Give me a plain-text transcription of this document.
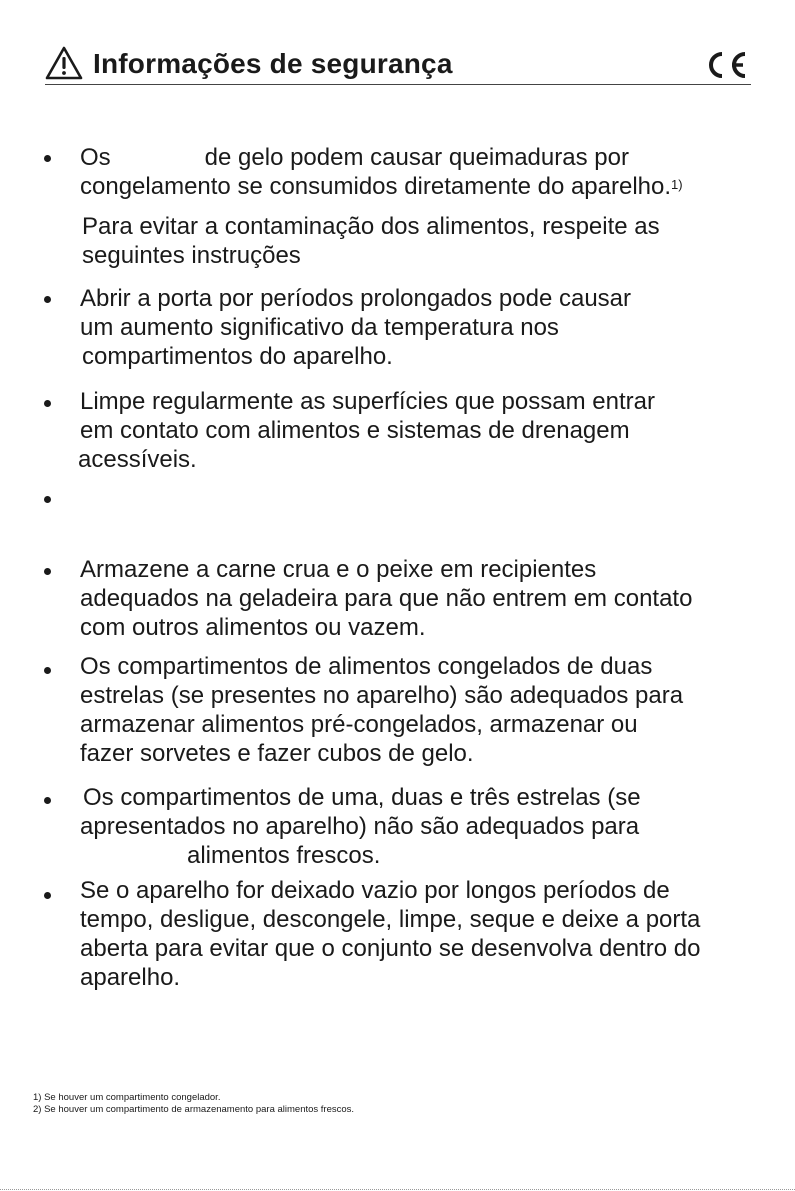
Informações de segurança
Os	de gelo podem causar queimaduras por
congelamento se consumidos diretamente do aparelho.$^{1)}$
Para evitar a contaminação dos alimentos, respeite as
seguintes instruções
Abrir a porta por períodos prolongados pode causar
um aumento significativo da temperatura nos
compartimentos do aparelho.
Limpe regularmente as superfícies que possam entrar
em contato com alimentos e sistemas de drenagem
acessíveis.
Armazene a carne crua e o peixe em recipientes
adequados na geladeira para que não entrem em contato
com outros alimentos ou vazem.
Os compartimentos de alimentos congelados de duas
estrelas (se presentes no aparelho) são adequados para
armazenar alimentos pré-congelados, armazenar ou
fazer sorvetes e fazer cubos de gelo.
Os compartimentos de uma, duas e três estrelas (se
apresentados no aparelho) não são adequados para
alimentos frescos.
Se o aparelho for deixado vazio por longos períodos de
tempo, desligue, descongele, limpe, seque e deixe a porta
aberta para evitar que o conjunto se desenvolva dentro do
aparelho.
1) Se houver um compartimento congelador.
2) Se houver um compartimento de armazenamento para alimentos frescos.
